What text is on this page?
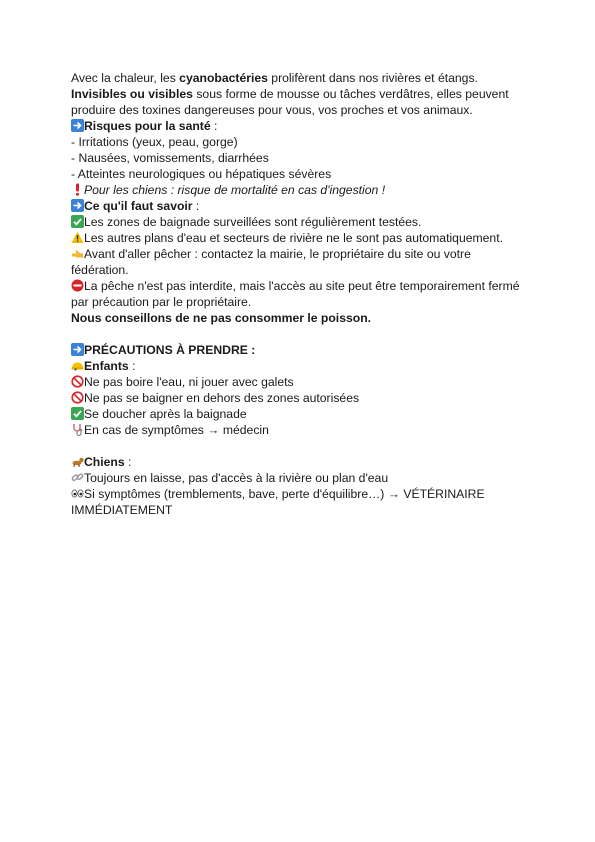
Avec la chaleur, les cyanobactéries prolifèrent dans nos rivières et étangs.
Invisibles ou visibles sous forme de mousse ou tâches verdâtres, elles peuvent produire des toxines dangereuses pour vous, vos proches et vos animaux.
Risques pour la santé :
- Irritations (yeux, peau, gorge)
- Nausées, vomissements, diarrhées
- Atteintes neurologiques ou hépatiques sévères
Pour les chiens : risque de mortalité en cas d'ingestion !
Ce qu'il faut savoir :
Les zones de baignade surveillées sont régulièrement testées.
Les autres plans d'eau et secteurs de rivière ne le sont pas automatiquement.
Avant d'aller pêcher : contactez la mairie, le propriétaire du site ou votre fédération.
La pêche n'est pas interdite, mais l'accès au site peut être temporairement fermé par précaution par le propriétaire.
Nous conseillons de ne pas consommer le poisson.
PRÉCAUTIONS À PRENDRE :
Enfants :
Ne pas boire l'eau, ni jouer avec galets
Ne pas se baigner en dehors des zones autorisées
Se doucher après la baignade
En cas de symptômes → médecin
Chiens :
Toujours en laisse, pas d'accès à la rivière ou plan d'eau
Si symptômes (tremblements, bave, perte d'équilibre…) → VÉTÉRINAIRE IMMÉDIATEMENT
